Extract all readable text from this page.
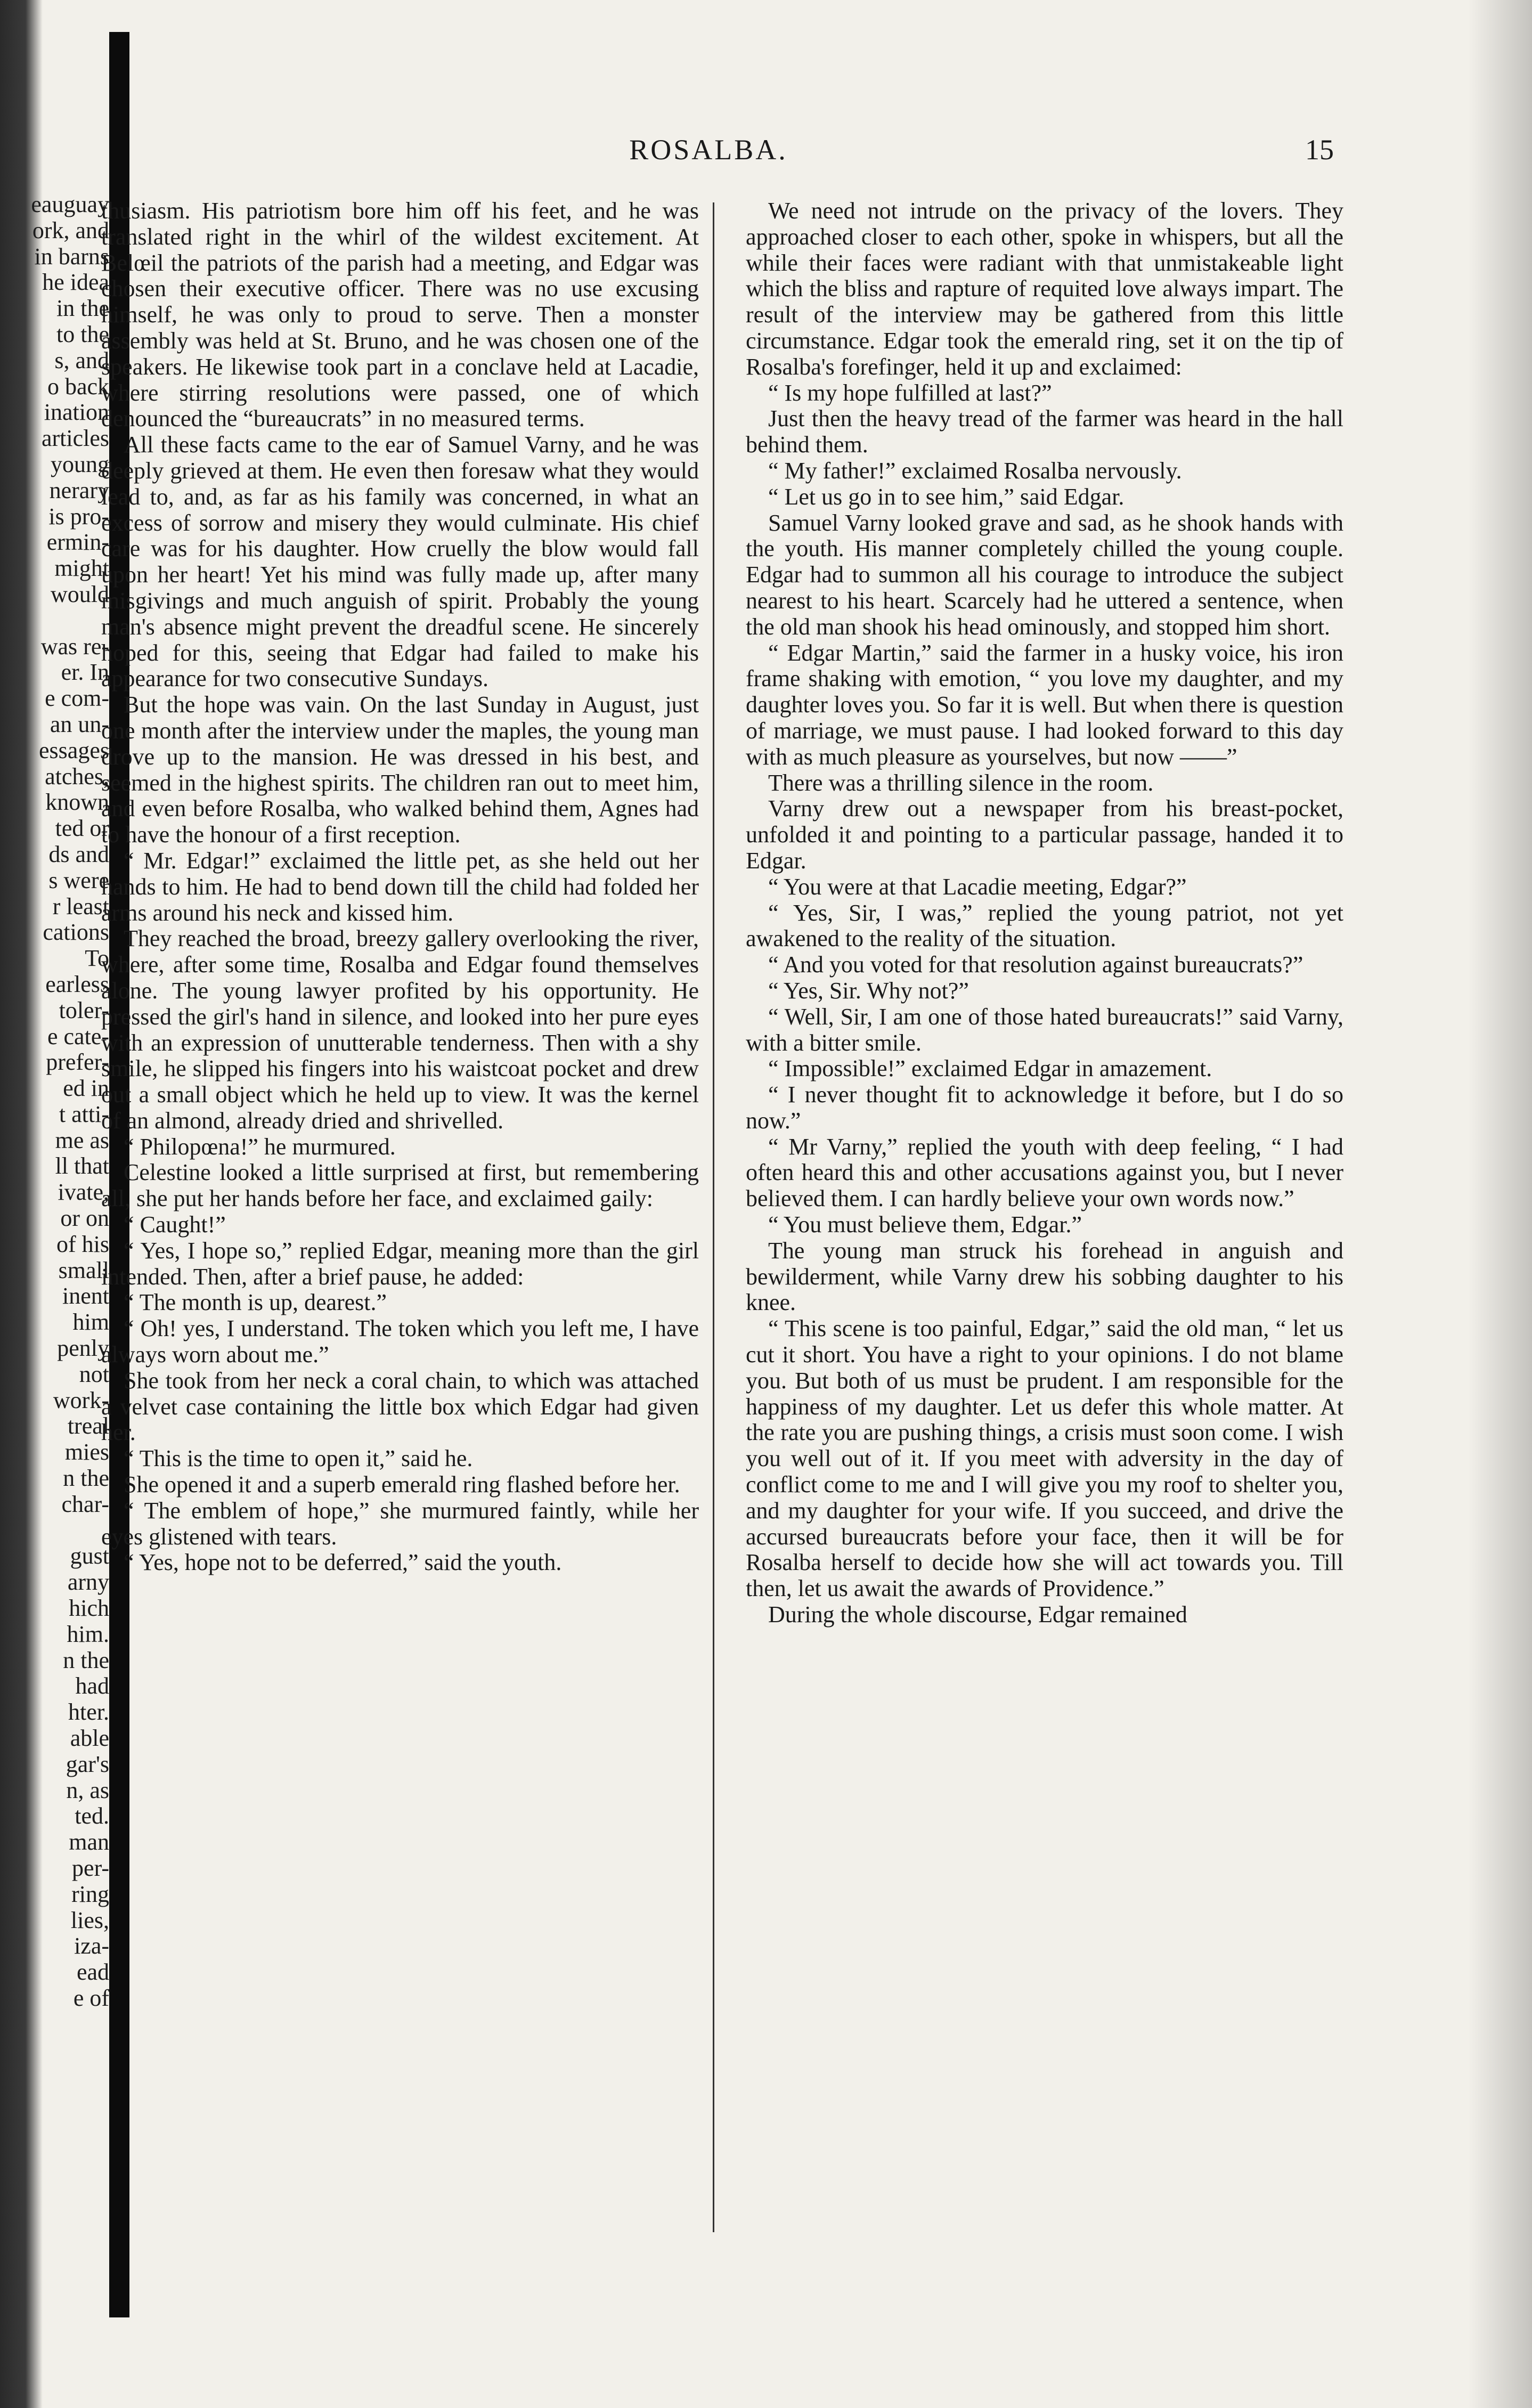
eauguay

ork, and

in barns

he idea

in the

to the

s, and

o back

ination

articles

young

nerary

is pro-

ermin-

might

would

was re-

er. In

e com-

an un-

essages

atches,

known

ted or

ds and

s were

r least

cations

To

earless

toler-

e cate-

prefer-

ed in

t atti-

me as

ll that

ivate,

or on

of his

small

inent

him

penly

not

work-

treal

mies

n the

char-

gust

arny

hich

him.

n the

had

hter.

able

gar's

n, as

ted.

man

per-

ring

lies,

iza-

ead

e of

ROSALBA.	15

thusiasm. His patriotism bore him off his feet, and he was translated right in the whirl of the wildest excitement. At Belœil the patriots of the parish had a meeting, and Edgar was chosen their executive officer. There was no use excusing himself, he was only to proud to serve. Then a monster assembly was held at St. Bruno, and he was chosen one of the speakers. He likewise took part in a conclave held at Lacadie, where stirring resolutions were passed, one of which denounced the “bureaucrats” in no measured terms.

All these facts came to the ear of Samuel Varny, and he was deeply grieved at them. He even then foresaw what they would lead to, and, as far as his family was concerned, in what an excess of sorrow and misery they would culminate. His chief care was for his daughter. How cruelly the blow would fall upon her heart! Yet his mind was fully made up, after many misgivings and much anguish of spirit. Probably the young man's absence might prevent the dreadful scene. He sincerely hoped for this, seeing that Edgar had failed to make his appearance for two consecutive Sundays.

But the hope was vain. On the last Sunday in August, just one month after the interview under the maples, the young man drove up to the mansion. He was dressed in his best, and seemed in the highest spirits. The children ran out to meet him, and even before Rosalba, who walked behind them, Agnes had to have the honour of a first reception.

“ Mr. Edgar!” exclaimed the little pet, as she held out her hands to him. He had to bend down till the child had folded her arms around his neck and kissed him.

They reached the broad, breezy gallery overlooking the river, where, after some time, Rosalba and Edgar found themselves alone. The young lawyer profited by his opportunity. He pressed the girl's hand in silence, and looked into her pure eyes with an expression of unutterable tenderness. Then with a shy smile, he slipped his fingers into his waistcoat pocket and drew out a small object which he held up to view. It was the kernel of an almond, already dried and shrivelled.

“ Philopœna!” he murmured.

Celestine looked a little surprised at first, but remembering all, she put her hands before her face, and exclaimed gaily:

“ Caught!”

“ Yes, I hope so,” replied Edgar, meaning more than the girl intended. Then, after a brief pause, he added:

“ The month is up, dearest.”

“ Oh! yes, I understand. The token which you left me, I have always worn about me.”

She took from her neck a coral chain, to which was attached a velvet case containing the little box which Edgar had given her.

“ This is the time to open it,” said he.

She opened it and a superb emerald ring flashed before her.

“ The emblem of hope,” she murmured faintly, while her eyes glistened with tears.

“ Yes, hope not to be deferred,” said the youth.

We need not intrude on the privacy of the lovers. They approached closer to each other, spoke in whispers, but all the while their faces were radiant with that unmistakeable light which the bliss and rapture of requited love always impart. The result of the interview may be gathered from this little circumstance. Edgar took the emerald ring, set it on the tip of Rosalba's forefinger, held it up and exclaimed:

“ Is my hope fulfilled at last?”

Just then the heavy tread of the farmer was heard in the hall behind them.

“ My father!” exclaimed Rosalba nervously.

“ Let us go in to see him,” said Edgar.

Samuel Varny looked grave and sad, as he shook hands with the youth. His manner completely chilled the young couple. Edgar had to summon all his courage to introduce the subject nearest to his heart. Scarcely had he uttered a sentence, when the old man shook his head ominously, and stopped him short.

“ Edgar Martin,” said the farmer in a husky voice, his iron frame shaking with emotion, “ you love my daughter, and my daughter loves you. So far it is well. But when there is question of marriage, we must pause. I had looked forward to this day with as much pleasure as yourselves, but now ——”

There was a thrilling silence in the room.

Varny drew out a newspaper from his breast-pocket, unfolded it and pointing to a particular passage, handed it to Edgar.

“ You were at that Lacadie meeting, Edgar?”

“ Yes, Sir, I was,” replied the young patriot, not yet awakened to the reality of the situation.

“ And you voted for that resolution against bureaucrats?”

“ Yes, Sir. Why not?”

“ Well, Sir, I am one of those hated bureaucrats!” said Varny, with a bitter smile.

“ Impossible!” exclaimed Edgar in amazement.

“ I never thought fit to acknowledge it before, but I do so now.”

“ Mr Varny,” replied the youth with deep feeling, “ I had often heard this and other accusations against you, but I never believed them. I can hardly believe your own words now.”

“ You must believe them, Edgar.”

The young man struck his forehead in anguish and bewilderment, while Varny drew his sobbing daughter to his knee.

“ This scene is too painful, Edgar,” said the old man, “ let us cut it short. You have a right to your opinions. I do not blame you. But both of us must be prudent. I am responsible for the happiness of my daughter. Let us defer this whole matter. At the rate you are pushing things, a crisis must soon come. I wish you well out of it. If you meet with adversity in the day of conflict come to me and I will give you my roof to shelter you, and my daughter for your wife. If you succeed, and drive the accursed bureaucrats before your face, then it will be for Rosalba herself to decide how she will act towards you. Till then, let us await the awards of Providence.”

During the whole discourse, Edgar remained
